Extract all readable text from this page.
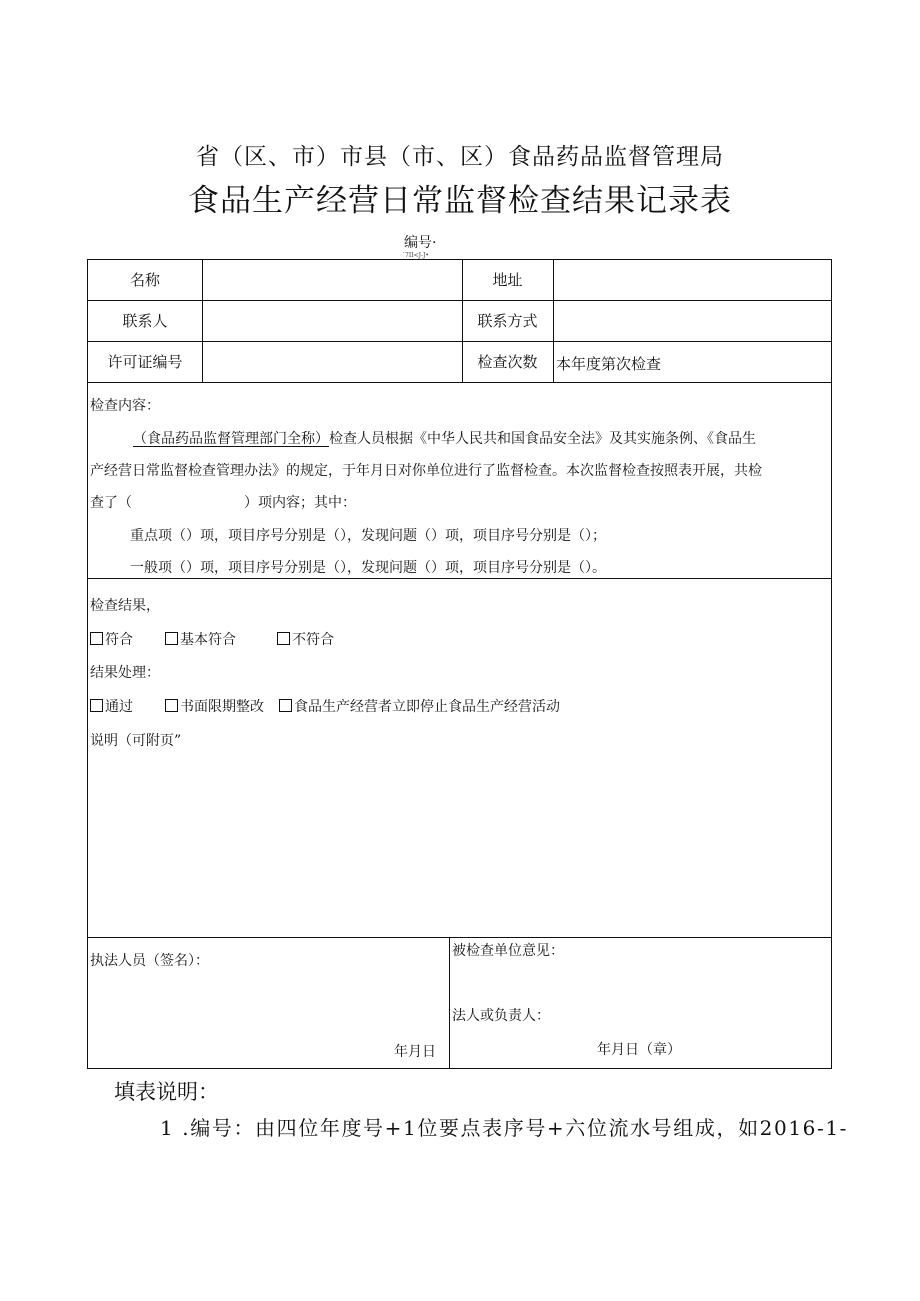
省（区、市）市县（市、区）食品药品监督管理局
食品生产经营日常监督检查结果记录表
编号·
ˊ7ΙΙ<J-J•
名称	地址
联系人	联系方式
许可证编号	检查次数	本年度第次检查
检查内容：
（食品药品监督管理部门全称）检查人员根据《中华人民共和国食品安全法》及其实施条例、《食品生
产经营日常监督检查管理办法》的规定，于年月日对你单位进行了监督检查。本次监督检查按照表开展，共检
查了（	）项内容；其中：
重点项（）项，项目序号分别是（），发现问题（）项，项目序号分别是（）；
一般项（）项，项目序号分别是（），发现问题（）项，项目序号分别是（）。
检查结果，
符合	基本符合	不符合
结果处理：
通过	书面限期整改	食品生产经营者立即停止食品生产经营活动
说明（可附页”
执法人员（签名）：
年月日
被检查单位意见：
法人或负责人：
年月日（章）
填表说明：
1 .编号：由四位年度号+1位要点表序号+六位流水号组成，如2016-1-
